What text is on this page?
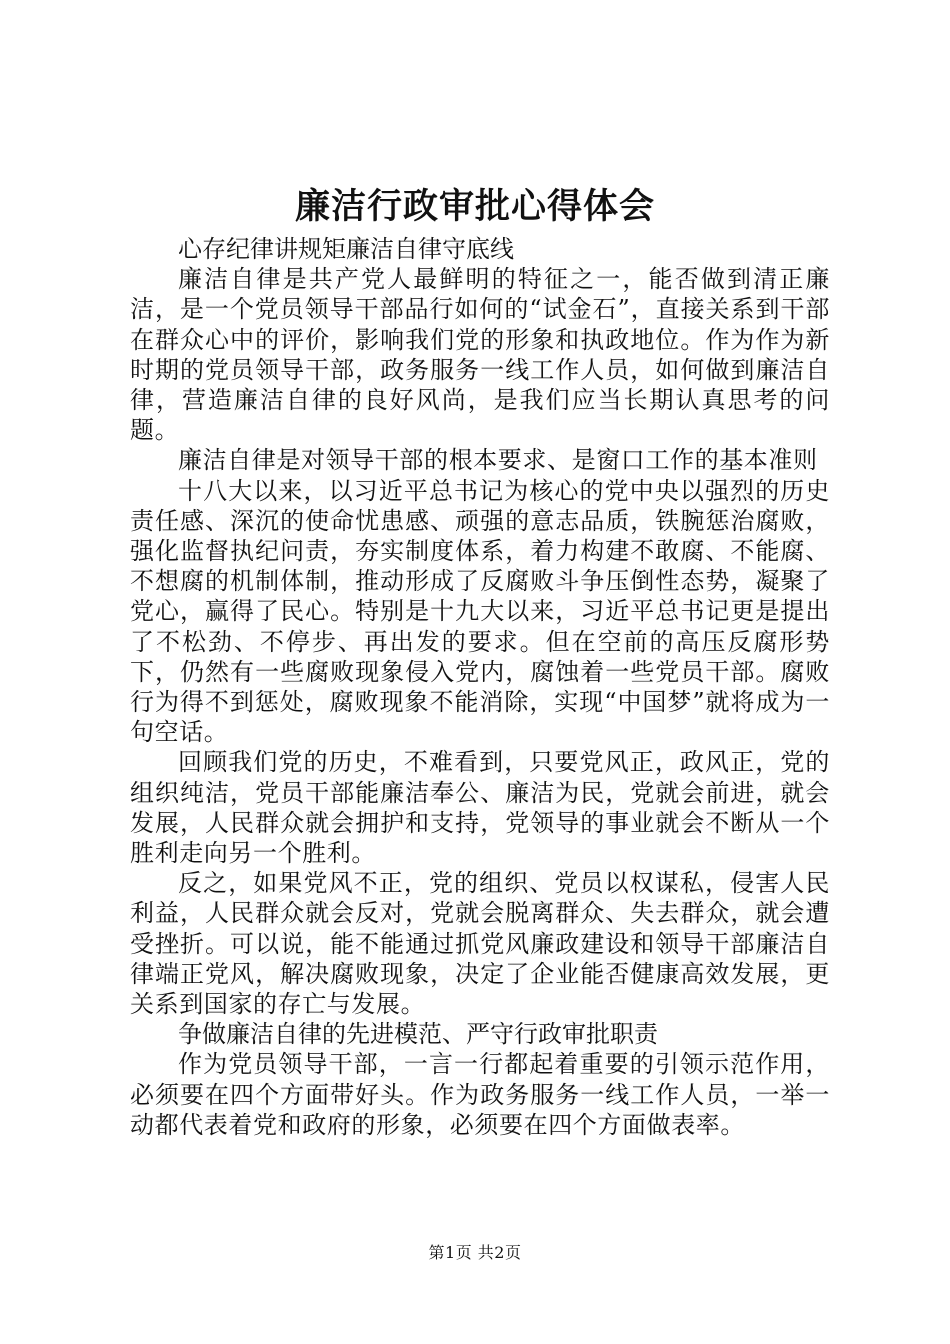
廉洁行政审批心得体会

心存纪律讲规矩廉洁自律守底线

廉洁自律是共产党人最鲜明的特征之一，能否做到清正廉洁，是一个党员领导干部品行如何的“试金石”，直接关系到干部在群众心中的评价，影响我们党的形象和执政地位。作为作为新时期的党员领导干部，政务服务一线工作人员，如何做到廉洁自律，营造廉洁自律的良好风尚，是我们应当长期认真思考的问题。

廉洁自律是对领导干部的根本要求、是窗口工作的基本准则

十八大以来，以习近平总书记为核心的党中央以强烈的历史责任感、深沉的使命忧患感、顽强的意志品质，铁腕惩治腐败，强化监督执纪问责，夯实制度体系，着力构建不敢腐、不能腐、不想腐的机制体制，推动形成了反腐败斗争压倒性态势，凝聚了党心，赢得了民心。特别是十九大以来，习近平总书记更是提出了不松劲、不停步、再出发的要求。但在空前的高压反腐形势下，仍然有一些腐败现象侵入党内，腐蚀着一些党员干部。腐败行为得不到惩处，腐败现象不能消除，实现“中国梦”就将成为一句空话。

回顾我们党的历史，不难看到，只要党风正，政风正，党的组织纯洁，党员干部能廉洁奉公、廉洁为民，党就会前进，就会发展，人民群众就会拥护和支持，党领导的事业就会不断从一个胜利走向另一个胜利。

反之，如果党风不正，党的组织、党员以权谋私，侵害人民利益，人民群众就会反对，党就会脱离群众、失去群众，就会遭受挫折。可以说，能不能通过抓党风廉政建设和领导干部廉洁自律端正党风，解决腐败现象，决定了企业能否健康高效发展，更关系到国家的存亡与发展。

争做廉洁自律的先进模范、严守行政审批职责

作为党员领导干部，一言一行都起着重要的引领示范作用，必须要在四个方面带好头。作为政务服务一线工作人员，一举一动都代表着党和政府的形象，必须要在四个方面做表率。

第1页 共2页
